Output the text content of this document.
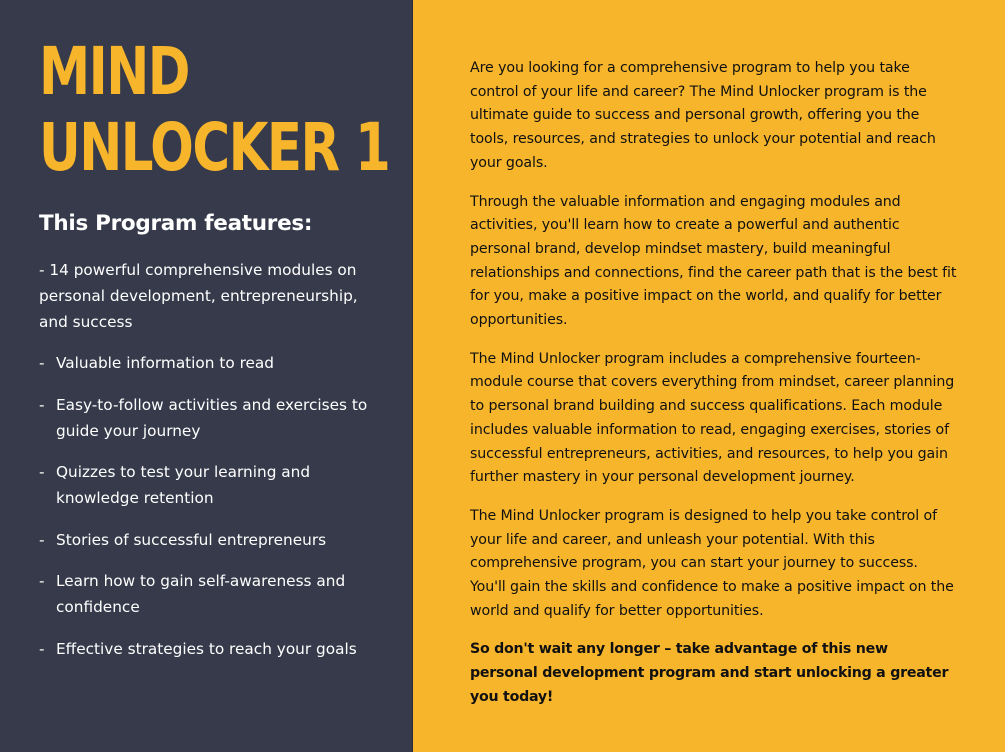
MIND
UNLOCKER 1
This Program features:

- 14 powerful comprehensive modules on personal development, entrepreneurship, and success

- Valuable information to read
- Easy-to-follow activities and exercises to guide your journey
- Quizzes to test your learning and knowledge retention
- Stories of successful entrepreneurs
- Learn how to gain self-awareness and confidence
- Effective strategies to reach your goals

Are you looking for a comprehensive program to help you take control of your life and career? The Mind Unlocker program is the ultimate guide to success and personal growth, offering you the tools, resources, and strategies to unlock your potential and reach your goals.

Through the valuable information and engaging modules and activities, you'll learn how to create a powerful and authentic personal brand, develop mindset mastery, build meaningful relationships and connections, find the career path that is the best fit for you, make a positive impact on the world, and qualify for better opportunities.

The Mind Unlocker program includes a comprehensive fourteen-module course that covers everything from mindset, career planning to personal brand building and success qualifications. Each module includes valuable information to read, engaging exercises, stories of successful entrepreneurs, activities, and resources, to help you gain further mastery in your personal development journey.

The Mind Unlocker program is designed to help you take control of your life and career, and unleash your potential. With this comprehensive program, you can start your journey to success. You'll gain the skills and confidence to make a positive impact on the world and qualify for better opportunities.

So don't wait any longer – take advantage of this new personal development program and start unlocking a greater you today!
